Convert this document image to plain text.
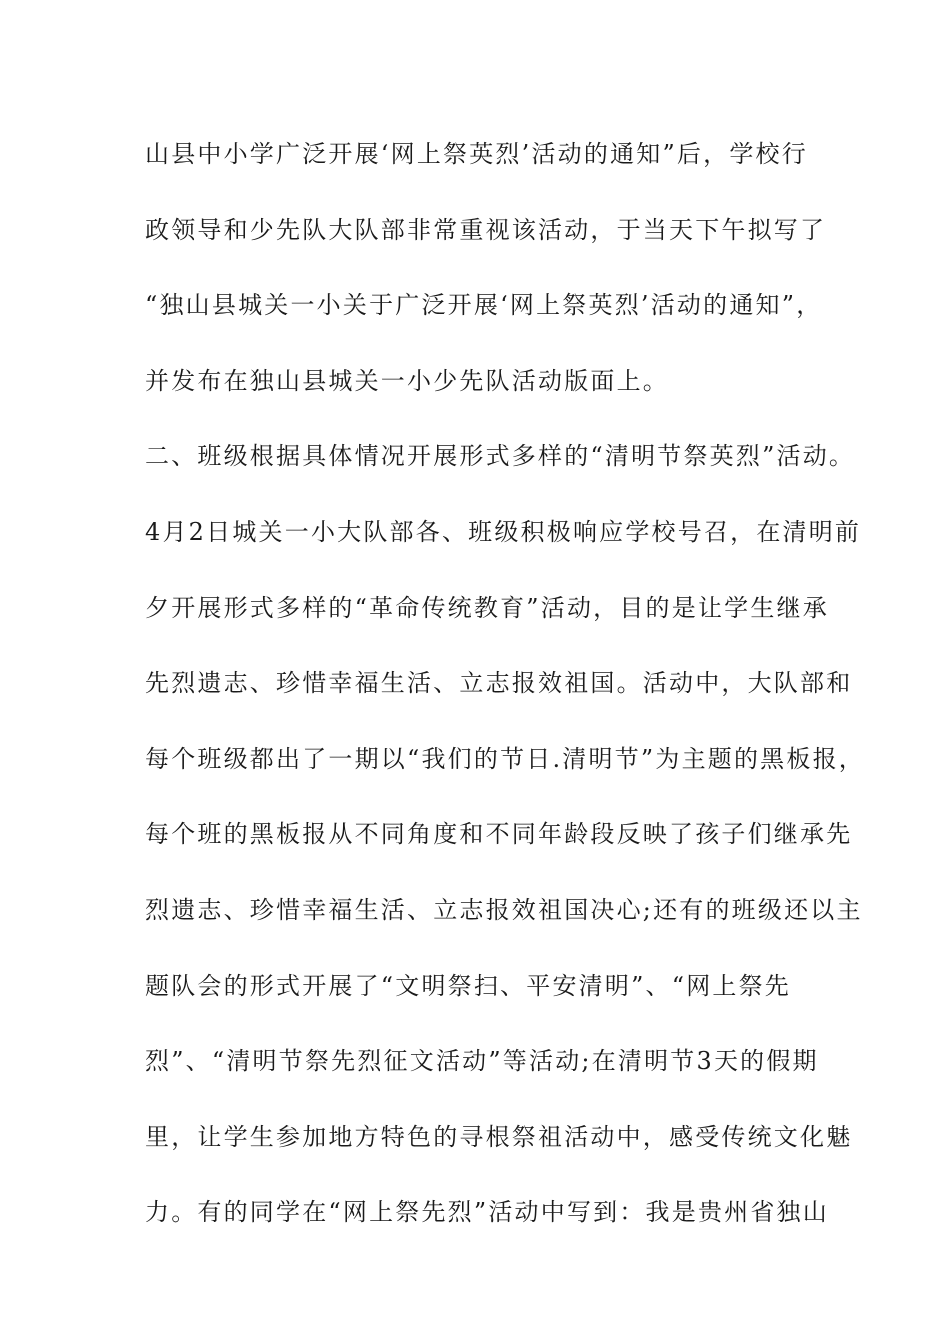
山县中小学广泛开展‘网上祭英烈’活动的通知”后，学校行
政领导和少先队大队部非常重视该活动，于当天下午拟写了
“独山县城关一小关于广泛开展‘网上祭英烈’活动的通知”，
并发布在独山县城关一小少先队活动版面上。
二、班级根据具体情况开展形式多样的“清明节祭英烈”活动。
4月2日城关一小大队部各、班级积极响应学校号召，在清明前
夕开展形式多样的“革命传统教育”活动，目的是让学生继承
先烈遗志、珍惜幸福生活、立志报效祖国。活动中，大队部和
每个班级都出了一期以“我们的节日.清明节”为主题的黑板报，
每个班的黑板报从不同角度和不同年龄段反映了孩子们继承先
烈遗志、珍惜幸福生活、立志报效祖国决心;还有的班级还以主
题队会的形式开展了“文明祭扫、平安清明”、“网上祭先
烈”、“清明节祭先烈征文活动”等活动;在清明节3天的假期
里，让学生参加地方特色的寻根祭祖活动中，感受传统文化魅
力。有的同学在“网上祭先烈”活动中写到：我是贵州省独山
